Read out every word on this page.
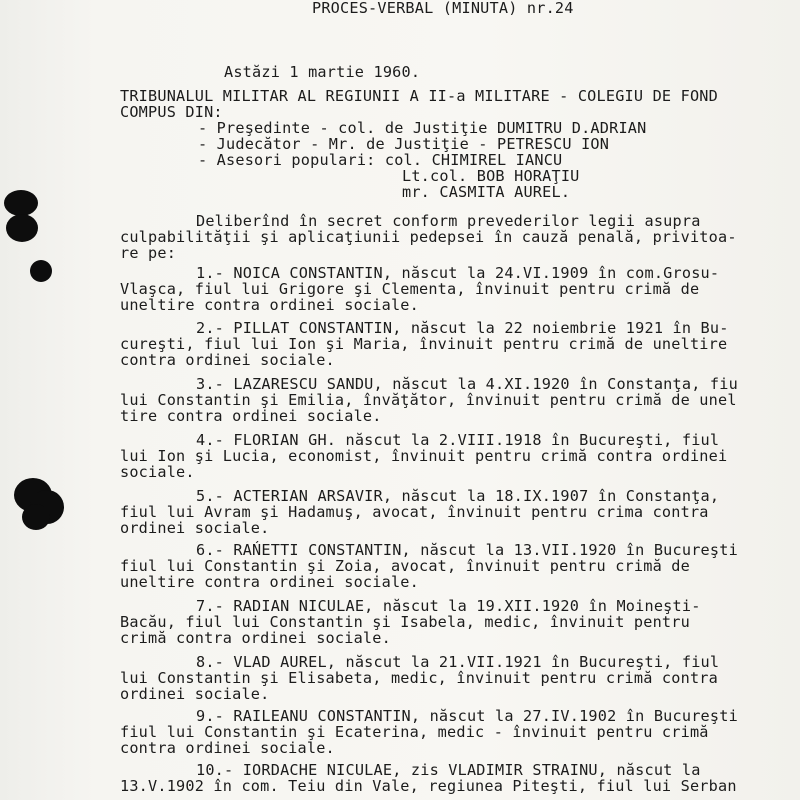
PROCES-VERBAL (MINUTA) nr.24
Astăzi 1 martie 1960.
TRIBUNALUL MILITAR AL REGIUNII A II-a MILITARE - COLEGIU DE FOND
COMPUS DIN:
- Preşedinte - col. de Justiţie DUMITRU D.ADRIAN
- Judecător - Mr. de Justiţie - PETRESCU ION
- Asesori populari: col. CHIMIREL IANCU
Lt.col. BOB HORAŢIU
mr. CASMITA AUREL.
Deliberînd în secret conform prevederilor legii asupra
culpabilităţii şi aplicaţiunii pedepsei în cauză penală, privitoa-
re pe:
1.- NOICA CONSTANTIN, născut la 24.VI.1909 în com.Grosu-
Vlaşca, fiul lui Grigore şi Clementa, învinuit pentru crimă de
uneltire contra ordinei sociale.
2.- PILLAT CONSTANTIN, născut la 22 noiembrie 1921 în Bu-
cureşti, fiul lui Ion şi Maria, învinuit pentru crimă de uneltire
contra ordinei sociale.
3.- LAZARESCU SANDU, născut la 4.XI.1920 în Constanţa, fiu
lui Constantin şi Emilia, învăţător, învinuit pentru crimă de unel
tire contra ordinei sociale.
4.- FLORIAN GH. născut la 2.VIII.1918 în Bucureşti, fiul
lui Ion şi Lucia, economist, învinuit pentru crimă contra ordinei
sociale.
5.- ACTERIAN ARSAVIR, născut la 18.IX.1907 în Constanţa,
fiul lui Avram şi Hadamuş, avocat, învinuit pentru crima contra
ordinei sociale.
6.- RAŃETTI CONSTANTIN, născut la 13.VII.1920 în Bucureşti
fiul lui Constantin şi Zoia, avocat, învinuit pentru crimă de
uneltire contra ordinei sociale.
7.- RADIAN NICULAE, născut la 19.XII.1920 în Moineşti-
Bacău, fiul lui Constantin şi Isabela, medic, învinuit pentru
crimă contra ordinei sociale.
8.- VLAD AUREL, născut la 21.VII.1921 în Bucureşti, fiul
lui Constantin şi Elisabeta, medic, învinuit pentru crimă contra
ordinei sociale.
9.- RAILEANU CONSTANTIN, născut la 27.IV.1902 în Bucureşti
fiul lui Constantin şi Ecaterina, medic - învinuit pentru crimă
contra ordinei sociale.
10.- IORDACHE NICULAE, zis VLADIMIR STRAINU, născut la
13.V.1902 în com. Teiu din Vale, regiunea Piteşti, fiul lui Serban
